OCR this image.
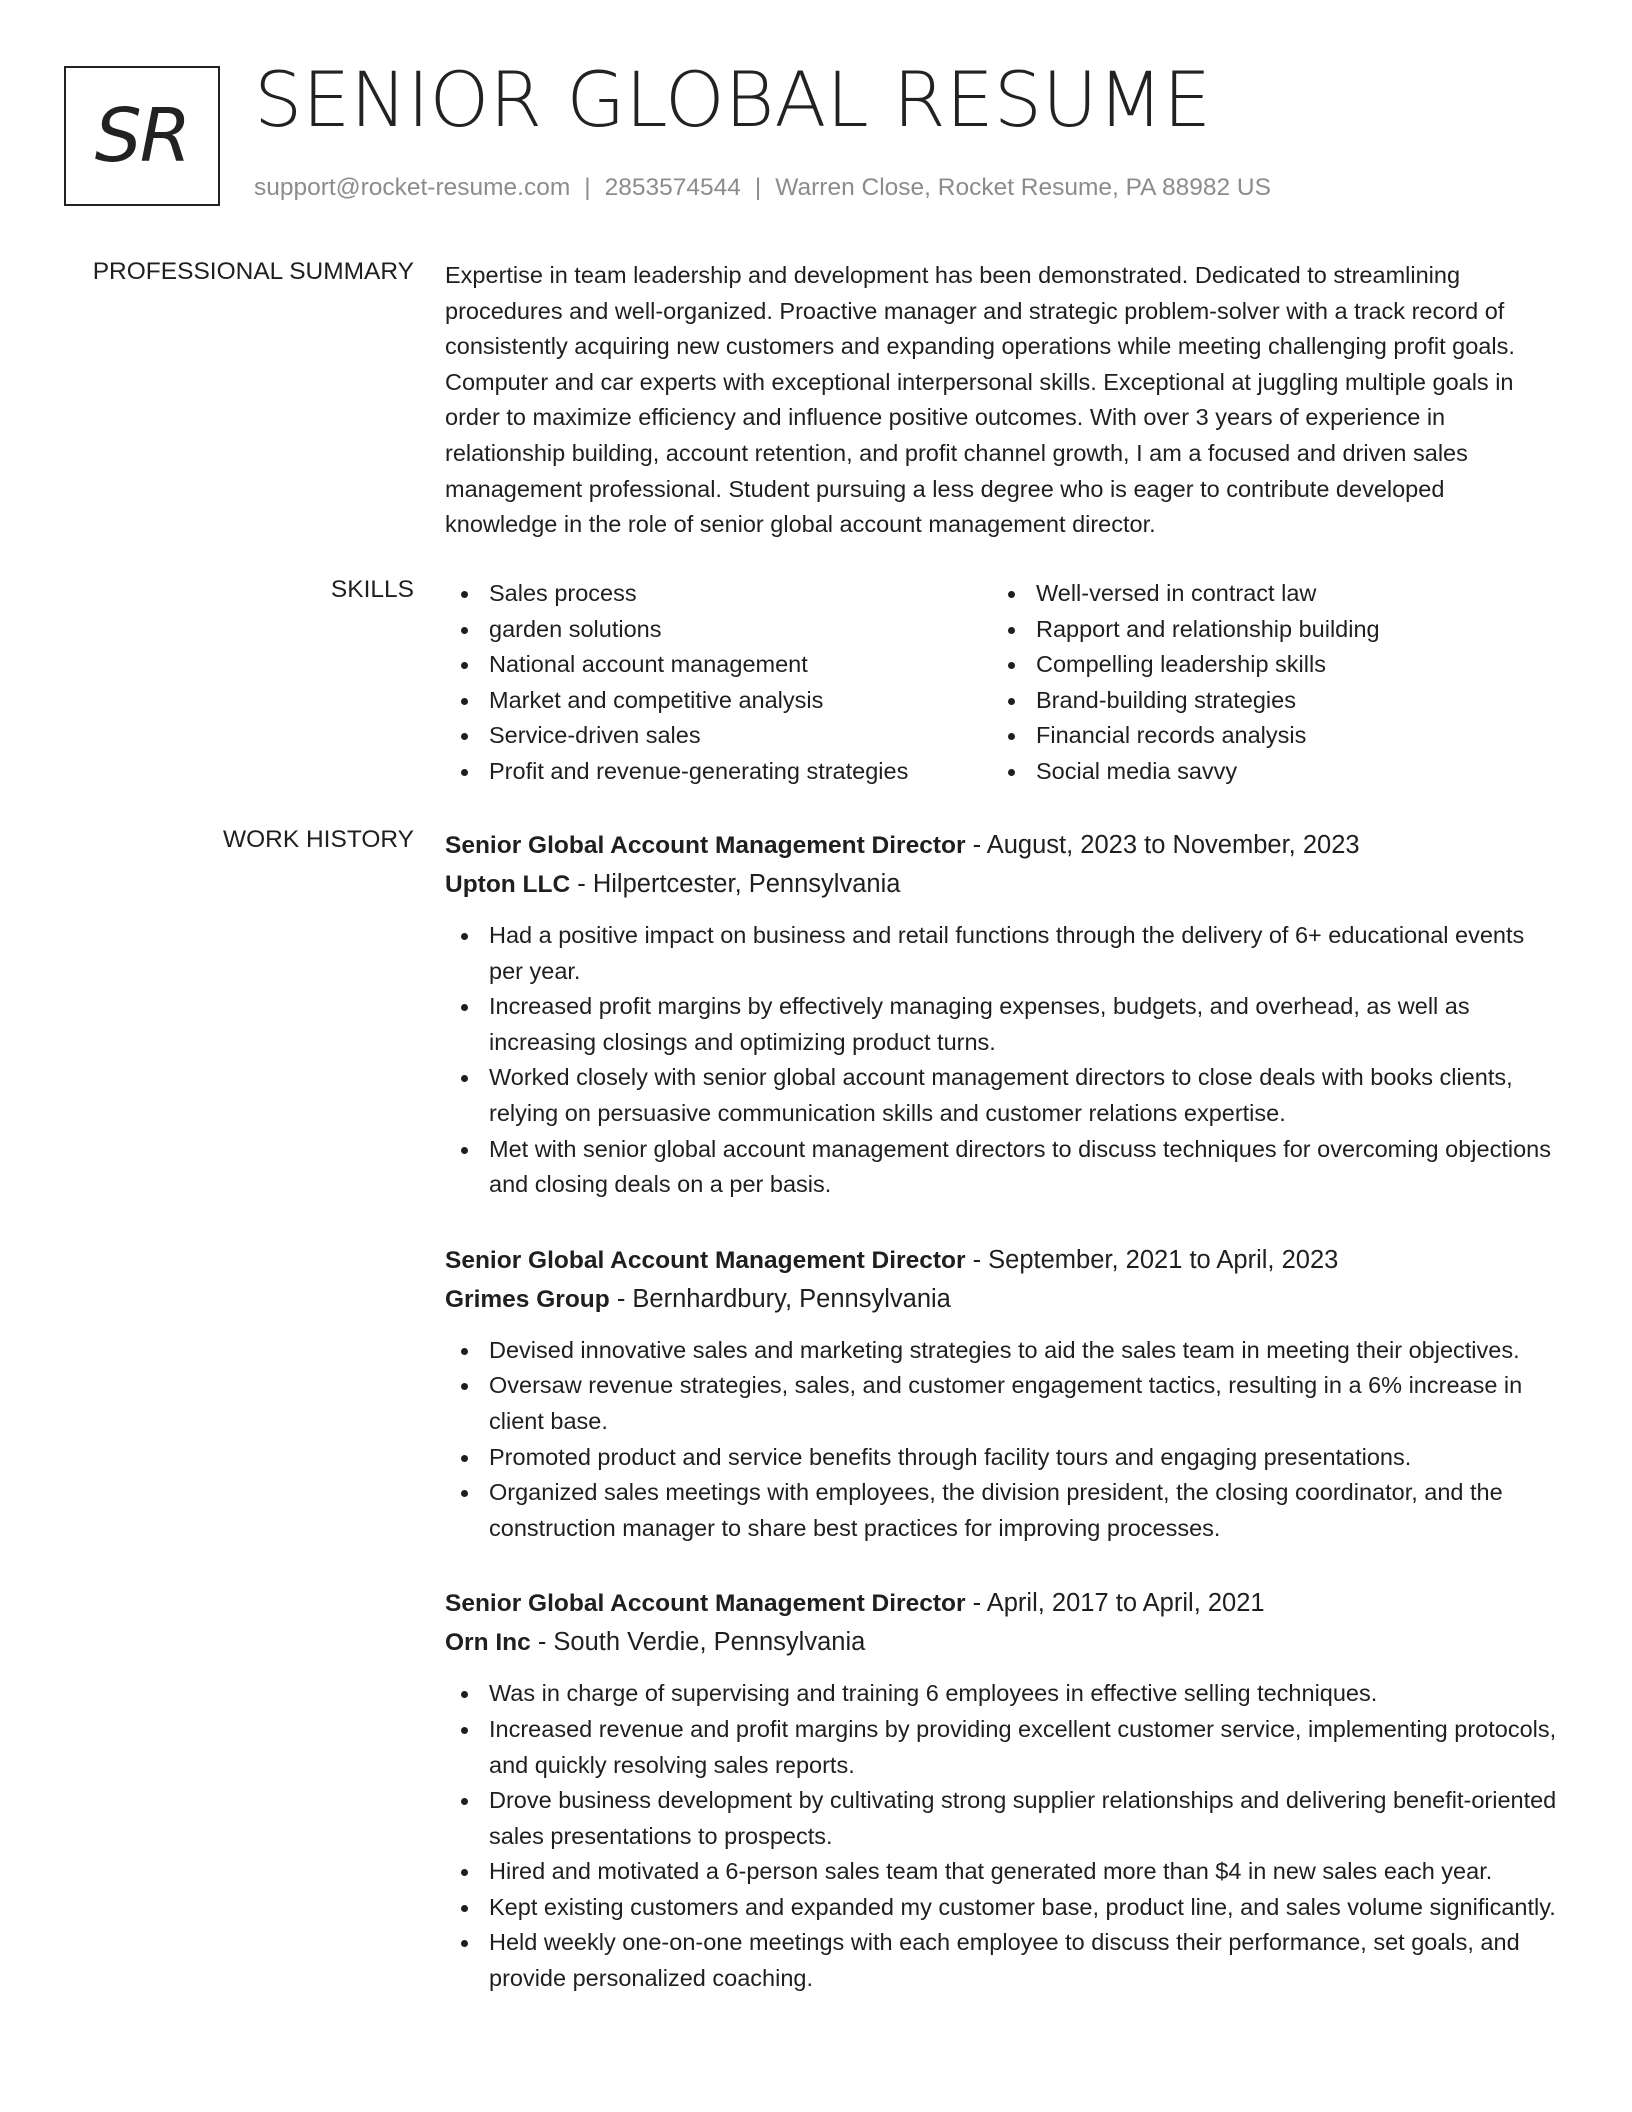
SR SENIOR GLOBAL RESUME
support@rocket-resume.com | 2853574544 | Warren Close, Rocket Resume, PA 88982 US
PROFESSIONAL SUMMARY Expertise in team leadership and development has been demonstrated. Dedicated to streamlining procedures and well-organized. Proactive manager and strategic problem-solver with a track record of consistently acquiring new customers and expanding operations while meeting challenging profit goals. Computer and car experts with exceptional interpersonal skills. Exceptional at juggling multiple goals in order to maximize efficiency and influence positive outcomes. With over 3 years of experience in relationship building, account retention, and profit channel growth, I am a focused and driven sales management professional. Student pursuing a less degree who is eager to contribute developed knowledge in the role of senior global account management director.
SKILLS	Sales process
garden solutions
National account management
Market and competitive analysis
Service-driven sales
Profit and revenue-generating strategies
Well-versed in contract law
Rapport and relationship building
Compelling leadership skills
Brand-building strategies
Financial records analysis
Social media savvy
WORK HISTORY Senior Global Account Management Director - August, 2023 to November, 2023
Upton LLC - Hilpertcester, Pennsylvania
Had a positive impact on business and retail functions through the delivery of 6+ educational events per year.
Increased profit margins by effectively managing expenses, budgets, and overhead, as well as increasing closings and optimizing product turns.
Worked closely with senior global account management directors to close deals with books clients, relying on persuasive communication skills and customer relations expertise.
Met with senior global account management directors to discuss techniques for overcoming objections and closing deals on a per basis.
Senior Global Account Management Director - September, 2021 to April, 2023
Grimes Group - Bernhardbury, Pennsylvania
Devised innovative sales and marketing strategies to aid the sales team in meeting their objectives.
Oversaw revenue strategies, sales, and customer engagement tactics, resulting in a 6% increase in client base.
Promoted product and service benefits through facility tours and engaging presentations.
Organized sales meetings with employees, the division president, the closing coordinator, and the construction manager to share best practices for improving processes.
Senior Global Account Management Director - April, 2017 to April, 2021
Orn Inc - South Verdie, Pennsylvania
Was in charge of supervising and training 6 employees in effective selling techniques.
Increased revenue and profit margins by providing excellent customer service, implementing protocols, and quickly resolving sales reports.
Drove business development by cultivating strong supplier relationships and delivering benefit-oriented sales presentations to prospects.
Hired and motivated a 6-person sales team that generated more than $4 in new sales each year.
Kept existing customers and expanded my customer base, product line, and sales volume significantly.
Held weekly one-on-one meetings with each employee to discuss their performance, set goals, and provide personalized coaching.
